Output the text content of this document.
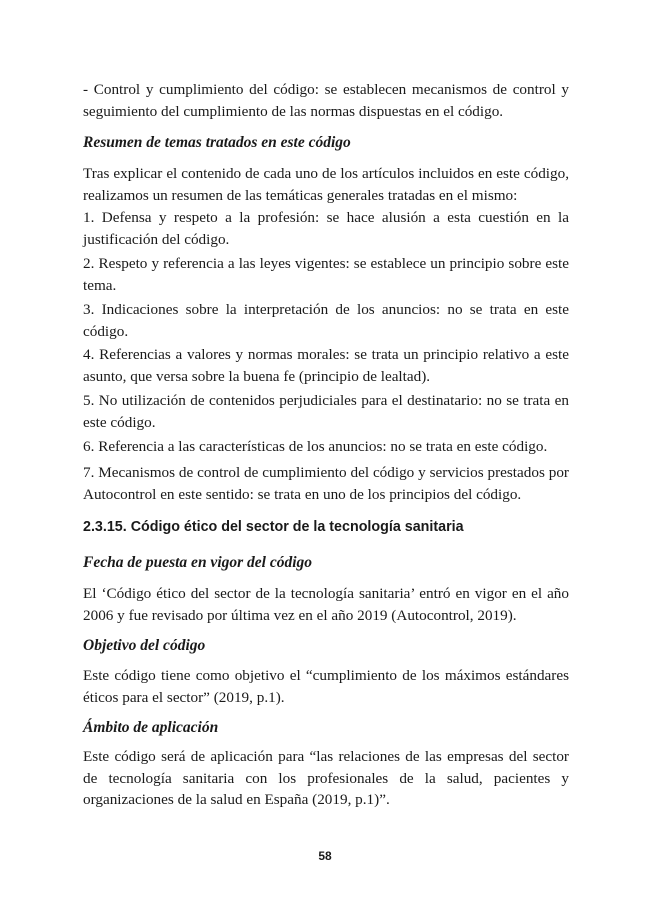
- Control y cumplimiento del código: se establecen mecanismos de control y seguimiento del cumplimiento de las normas dispuestas en el código.

Resumen de temas tratados en este código

Tras explicar el contenido de cada uno de los artículos incluidos en este código, realizamos un resumen de las temáticas generales tratadas en el mismo:

1. Defensa y respeto a la profesión: se hace alusión a esta cuestión en la justificación del código.

2. Respeto y referencia a las leyes vigentes: se establece un principio sobre este tema.

3. Indicaciones sobre la interpretación de los anuncios: no se trata en este código.

4. Referencias a valores y normas morales: se trata un principio relativo a este asunto, que versa sobre la buena fe (principio de lealtad).

5. No utilización de contenidos perjudiciales para el destinatario: no se trata en este código.

6. Referencia a las características de los anuncios: no se trata en este código.

7. Mecanismos de control de cumplimiento del código y servicios prestados por Autocontrol en este sentido: se trata en uno de los principios del código.

2.3.15. Código ético del sector de la tecnología sanitaria

Fecha de puesta en vigor del código

El ‘Código ético del sector de la tecnología sanitaria’ entró en vigor en el año 2006 y fue revisado por última vez en el año 2019 (Autocontrol, 2019).

Objetivo del código

Este código tiene como objetivo el “cumplimiento de los máximos estándares éticos para el sector” (2019, p.1).

Ámbito de aplicación

Este código será de aplicación para “las relaciones de las empresas del sector de tecnología sanitaria con los profesionales de la salud, pacientes y organizaciones de la salud en España (2019, p.1)”.

58
